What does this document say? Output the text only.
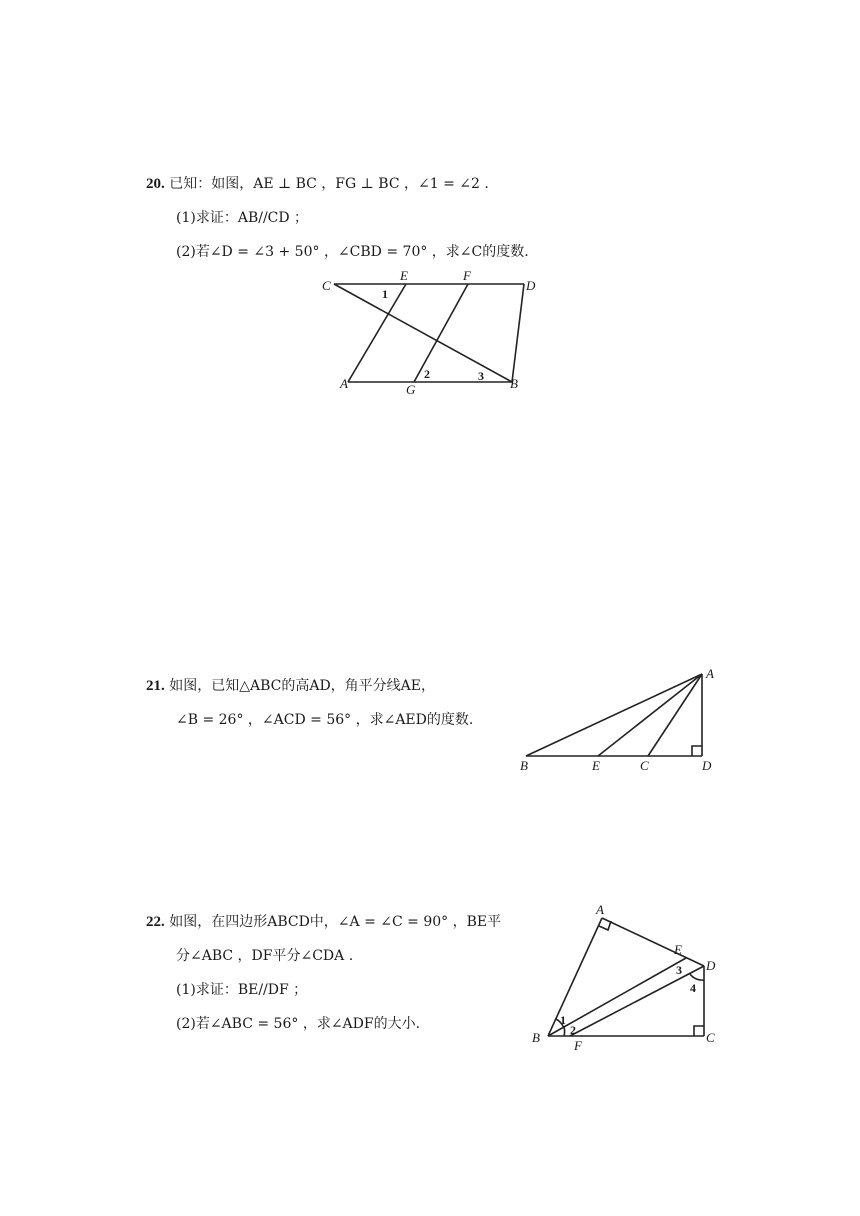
20. 已知：如图，AE ⊥ BC ，FG ⊥ BC ，∠1 = ∠2 .
(1)求证：AB//CD ；
(2)若∠D = ∠3 + 50° ，∠CBD = 70° ，求∠C的度数.
C
E	F
D
A	G	B
1
2	3
21. 如图，已知△ABC的高AD，角平分线AE，
∠B = 26° ，∠ACD = 56° ，求∠AED的度数.
A
B	E	C	D
22. 如图，在四边形ABCD中，∠A = ∠C = 90° ，BE平
分∠ABC ，DF平分∠CDA .
(1)求证：BE//DF ；
(2)若∠ABC = 56° ，求∠ADF的大小.
A
E
D
B
F
C
1
2
3
4
